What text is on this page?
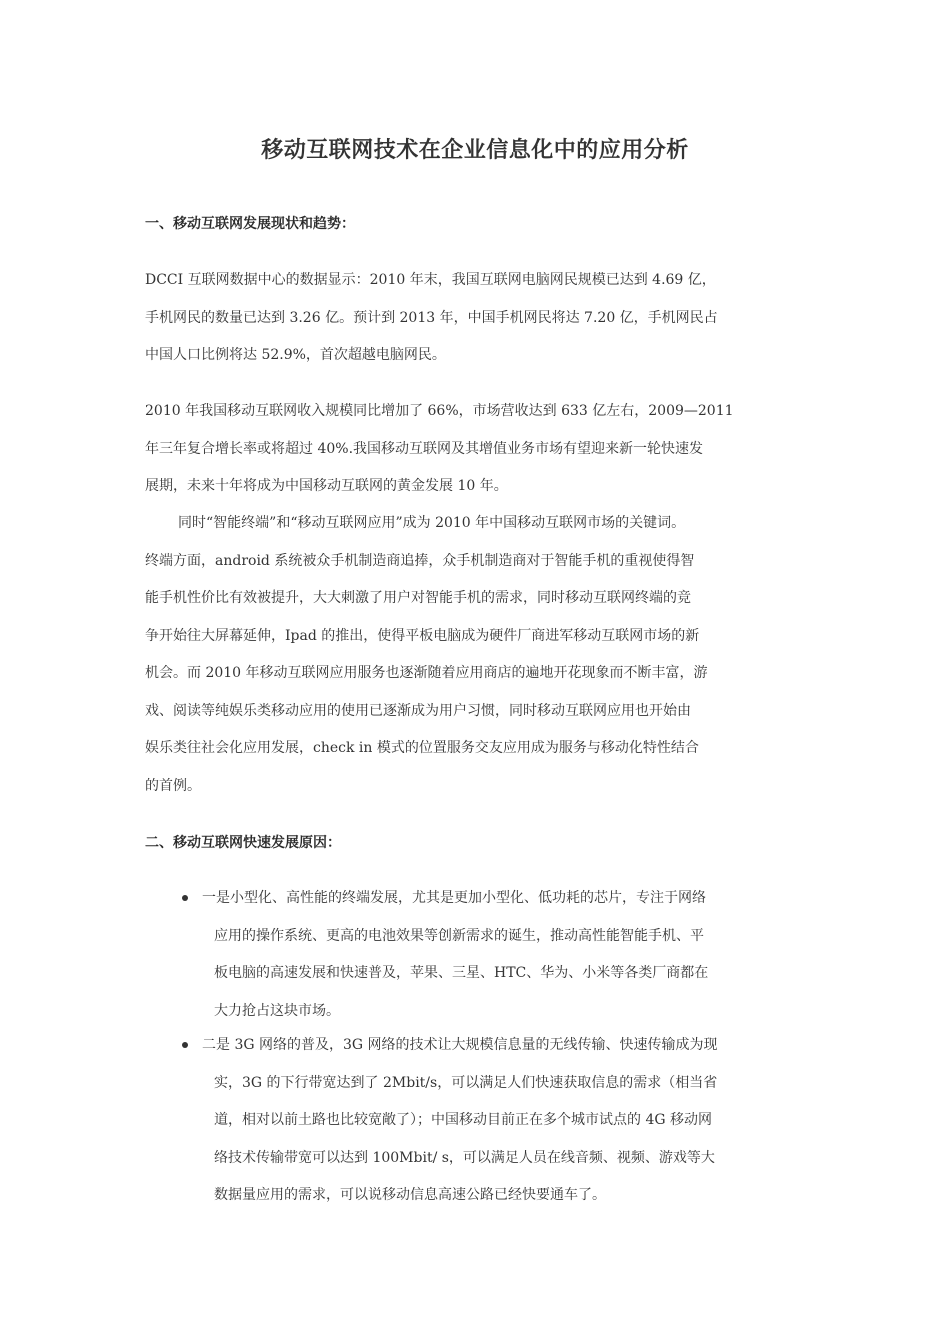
移动互联网技术在企业信息化中的应用分析
一、移动互联网发展现状和趋势：
DCCI 互联网数据中心的数据显示：2010 年末，我国互联网电脑网民规模已达到 4.69 亿，
手机网民的数量已达到 3.26 亿。预计到 2013 年，中国手机网民将达 7.20 亿，手机网民占
中国人口比例将达 52.9%，首次超越电脑网民。
2010 年我国移动互联网收入规模同比增加了 66%，市场营收达到 633 亿左右，2009—2011
年三年复合增长率或将超过 40%.我国移动互联网及其增值业务市场有望迎来新一轮快速发
展期，未来十年将成为中国移动互联网的黄金发展 10 年。
同时“智能终端”和“移动互联网应用”成为 2010 年中国移动互联网市场的关键词。
终端方面，android 系统被众手机制造商追捧，众手机制造商对于智能手机的重视使得智
能手机性价比有效被提升，大大刺激了用户对智能手机的需求，同时移动互联网终端的竞
争开始往大屏幕延伸，Ipad 的推出，使得平板电脑成为硬件厂商进军移动互联网市场的新
机会。而 2010 年移动互联网应用服务也逐渐随着应用商店的遍地开花现象而不断丰富，游
戏、阅读等纯娱乐类移动应用的使用已逐渐成为用户习惯，同时移动互联网应用也开始由
娱乐类往社会化应用发展，check in 模式的位置服务交友应用成为服务与移动化特性结合
的首例。
二、移动互联网快速发展原因：
一是小型化、高性能的终端发展，尤其是更加小型化、低功耗的芯片，专注于网络
应用的操作系统、更高的电池效果等创新需求的诞生，推动高性能智能手机、平
板电脑的高速发展和快速普及，苹果、三星、HTC、华为、小米等各类厂商都在
大力抢占这块市场。
二是 3G 网络的普及，3G 网络的技术让大规模信息量的无线传输、快速传输成为现
实，3G 的下行带宽达到了 2Mbit/s，可以满足人们快速获取信息的需求（相当省
道，相对以前土路也比较宽敞了）；中国移动目前正在多个城市试点的 4G 移动网
络技术传输带宽可以达到 100Mbit/ s，可以满足人员在线音频、视频、游戏等大
数据量应用的需求，可以说移动信息高速公路已经快要通车了。
